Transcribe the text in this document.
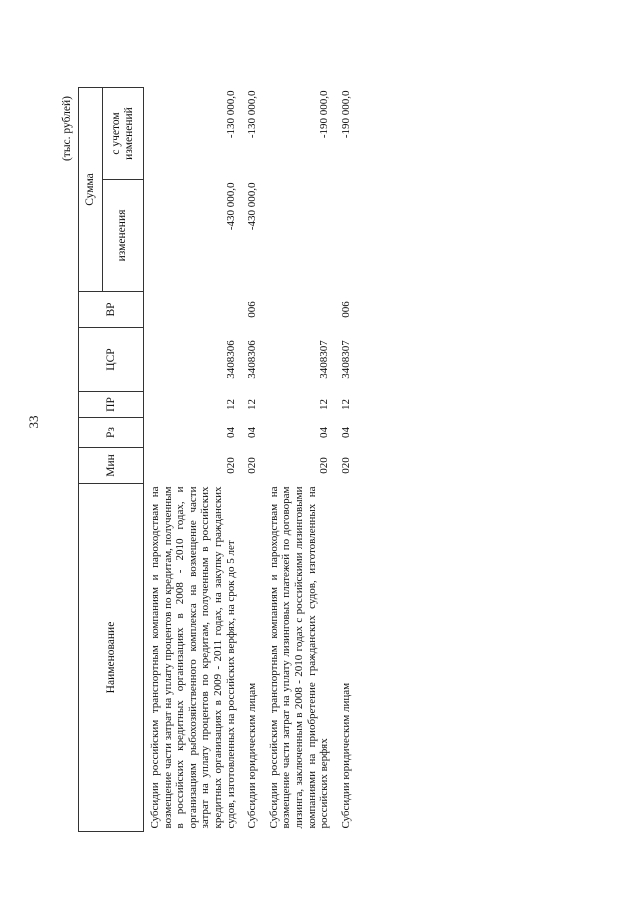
33
(тыс. рублей)
Наименование	Мин	Рз	ПР	ЦСР	ВР	Сумма	
						изменения	с учетом изменений
Субсидии российским транспортным компаниям и пароходствам на возмещение части затрат на уплату процентов по кредитам, полученным в российских кредитных организациях в 2008 - 2010 годах, и организациям рыбохозяйственного комплекса на возмещение части затрат на уплату процентов по кредитам, полученным в российских кредитных организациях в 2009 - 2011 годах, на закупку гражданских судов, изготовленных на российских верфях, на срок до 5 лет	020	04	12	3408306		-430 000,0	-130 000,0
Субсидии юридическим лицам	020	04	12	3408306	006	-430 000,0	-130 000,0
Субсидии российским транспортным компаниям и пароходствам на возмещение части затрат на уплату лизинговых платежей по договорам лизинга, заключенным в 2008 - 2010 годах с российскими лизинговыми компаниями на приобретение гражданских судов, изготовленных на российских верфях	020	04	12	3408307			-190 000,0
Субсидии юридическим лицам	020	04	12	3408307	006		-190 000,0
